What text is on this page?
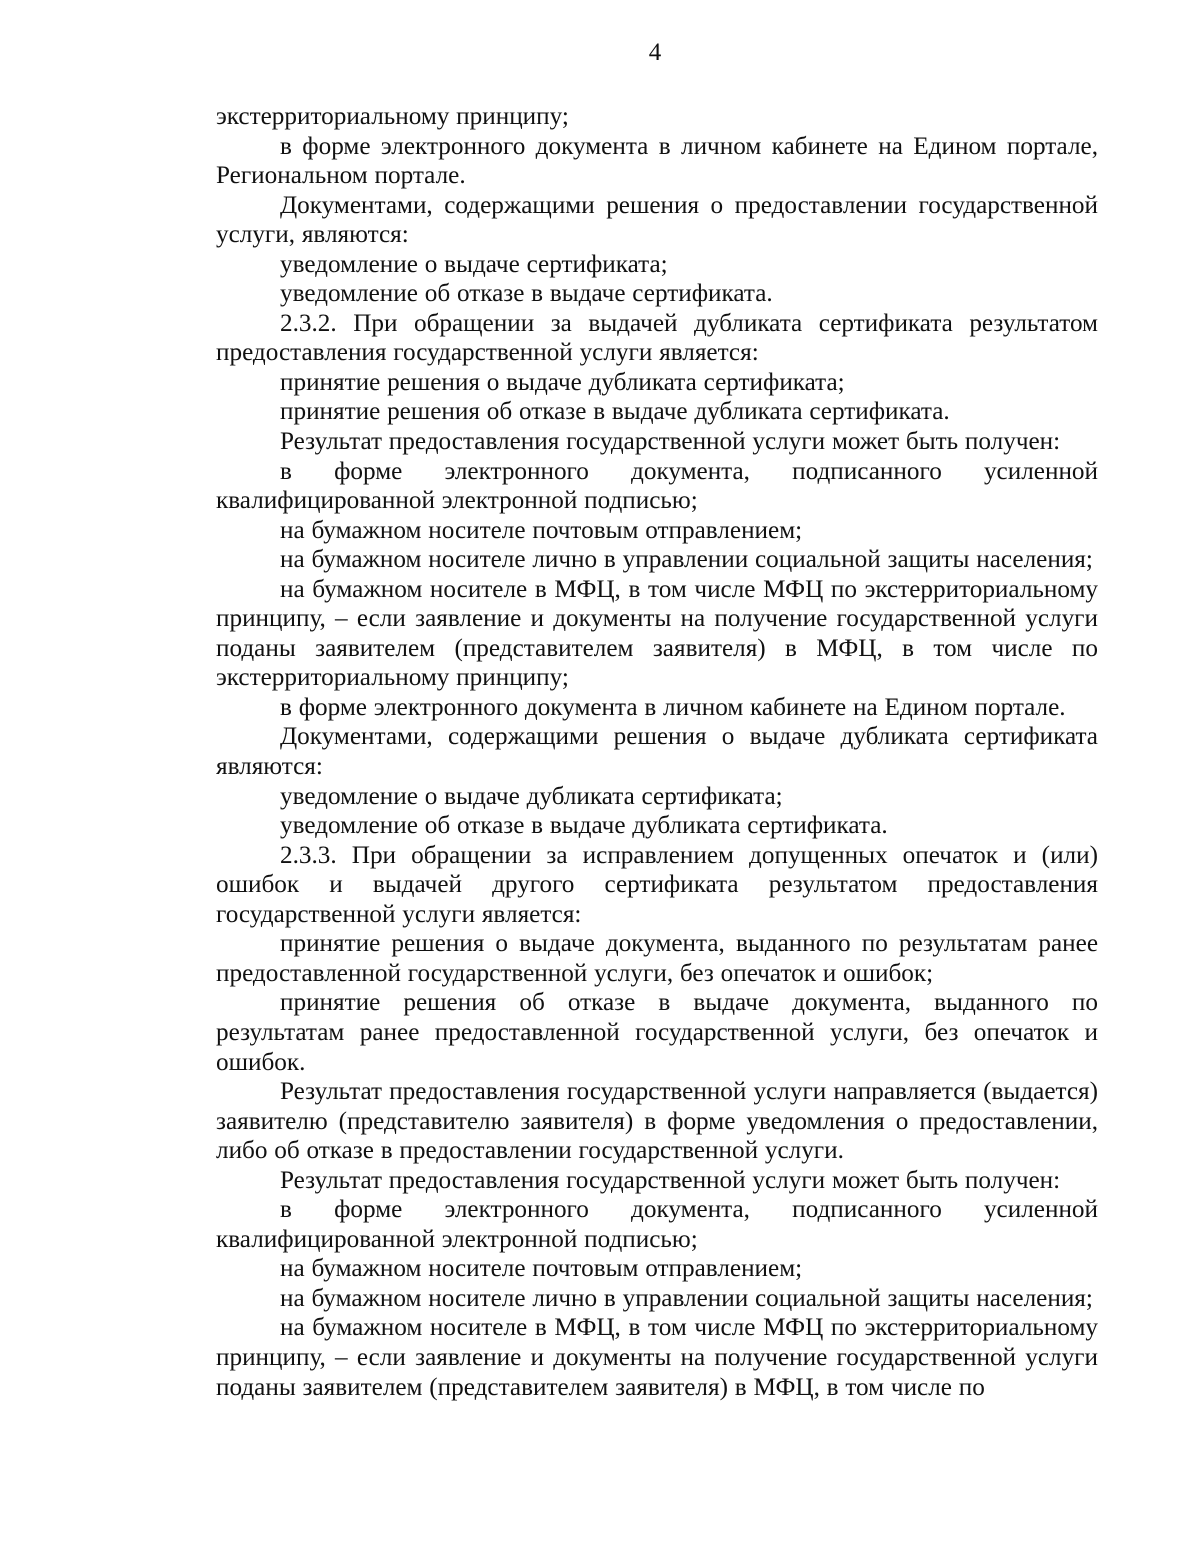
4

экстерриториальному принципу;

в форме электронного документа в личном кабинете на Едином портале, Региональном портале.

Документами, содержащими решения о предоставлении государственной услуги, являются:

уведомление о выдаче сертификата;

уведомление об отказе в выдаче сертификата.

2.3.2. При обращении за выдачей дубликата сертификата результатом предоставления государственной услуги является:

принятие решения о выдаче дубликата сертификата;

принятие решения об отказе в выдаче дубликата сертификата.

Результат предоставления государственной услуги может быть получен:

в форме электронного документа, подписанного усиленной квалифицированной электронной подписью;

на бумажном носителе почтовым отправлением;

на бумажном носителе лично в управлении социальной защиты населения;

на бумажном носителе в МФЦ, в том числе МФЦ по экстерриториальному принципу, – если заявление и документы на получение государственной услуги поданы заявителем (представителем заявителя) в МФЦ, в том числе по экстерриториальному принципу;

в форме электронного документа в личном кабинете на Едином портале.

Документами, содержащими решения о выдаче дубликата сертификата являются:

уведомление о выдаче дубликата сертификата;

уведомление об отказе в выдаче дубликата сертификата.

2.3.3. При обращении за исправлением допущенных опечаток и (или) ошибок и выдачей другого сертификата результатом предоставления государственной услуги является:

принятие решения о выдаче документа, выданного по результатам ранее предоставленной государственной услуги, без опечаток и ошибок;

принятие решения об отказе в выдаче документа, выданного по результатам ранее предоставленной государственной услуги, без опечаток и ошибок.

Результат предоставления государственной услуги направляется (выдается) заявителю (представителю заявителя) в форме уведомления о предоставлении, либо об отказе в предоставлении государственной услуги.

Результат предоставления государственной услуги может быть получен:

в форме электронного документа, подписанного усиленной квалифицированной электронной подписью;

на бумажном носителе почтовым отправлением;

на бумажном носителе лично в управлении социальной защиты населения;

на бумажном носителе в МФЦ, в том числе МФЦ по экстерриториальному принципу, – если заявление и документы на получение государственной услуги поданы заявителем (представителем заявителя) в МФЦ, в том числе по
